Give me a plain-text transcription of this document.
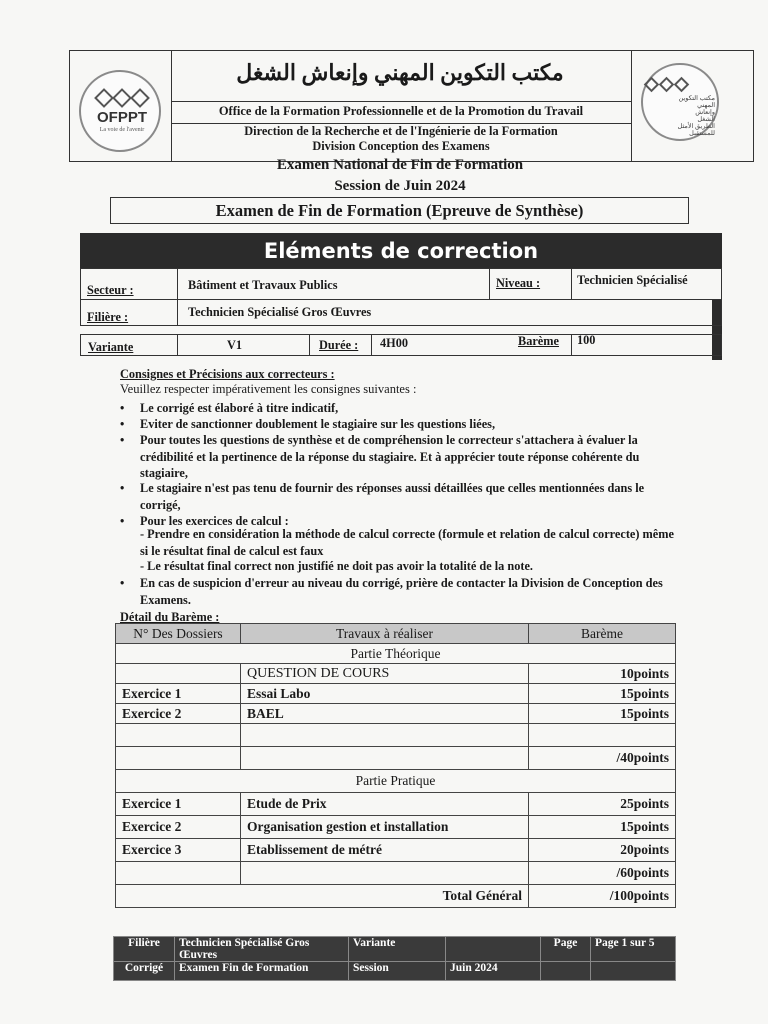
OFPPT
La voie de l'avenir
مكتب التكوين المهني وإنعاش الشغل الطريق الأمثل للمستقبل
مكتب التكوين المهني وإنعاش الشغل
Office de la Formation Professionnelle et de la Promotion du Travail
Direction de la Recherche et de l'Ingénierie de la Formation
Division Conception des Examens
Examen National de Fin de Formation
Session de Juin 2024
Examen de Fin de Formation (Epreuve de Synthèse)
Eléments de correction
Secteur :	Bâtiment et Travaux Publics	Niveau :	Technicien Spécialisé
Filière :	Technicien Spécialisé Gros Œuvres
Variante	V1	Durée : 4H00	Barème 100
Consignes et Précisions aux correcteurs :
Veuillez respecter impérativement les consignes suivantes :
• Le corrigé est élaboré à titre indicatif,
• Eviter de sanctionner doublement le stagiaire sur les questions liées,
• Pour toutes les questions de synthèse et de compréhension le correcteur s'attachera à évaluer la crédibilité et la pertinence de la réponse du stagiaire. Et à apprécier toute réponse cohérente du stagiaire,
• Le stagiaire n'est pas tenu de fournir des réponses aussi détaillées que celles mentionnées dans le corrigé,
• Pour les exercices de calcul :
- Prendre en considération la méthode de calcul correcte (formule et relation de calcul correcte) même si le résultat final de calcul est faux
- Le résultat final correct non justifié ne doit pas avoir la totalité de la note.
• En cas de suspicion d'erreur au niveau du corrigé, prière de contacter la Division de Conception des Examens.
Détail du Barème :
N° Des Dossiers	Travaux à réaliser	Barème
Partie Théorique		
	QUESTION DE COURS	10points
Exercice 1	Essai Labo	15points
Exercice 2	BAEL	15points

		/40points
Partie Pratique		
Exercice 1	Etude de Prix	25points
Exercice 2	Organisation gestion et installation	15points
Exercice 3	Etablissement de métré	20points
		/60points
Total Général		/100points
Filière	Technicien Spécialisé Gros Œuvres	Variante		Page	Page 1 sur 5
Corrigé	Examen Fin de Formation	Session	Juin 2024		
